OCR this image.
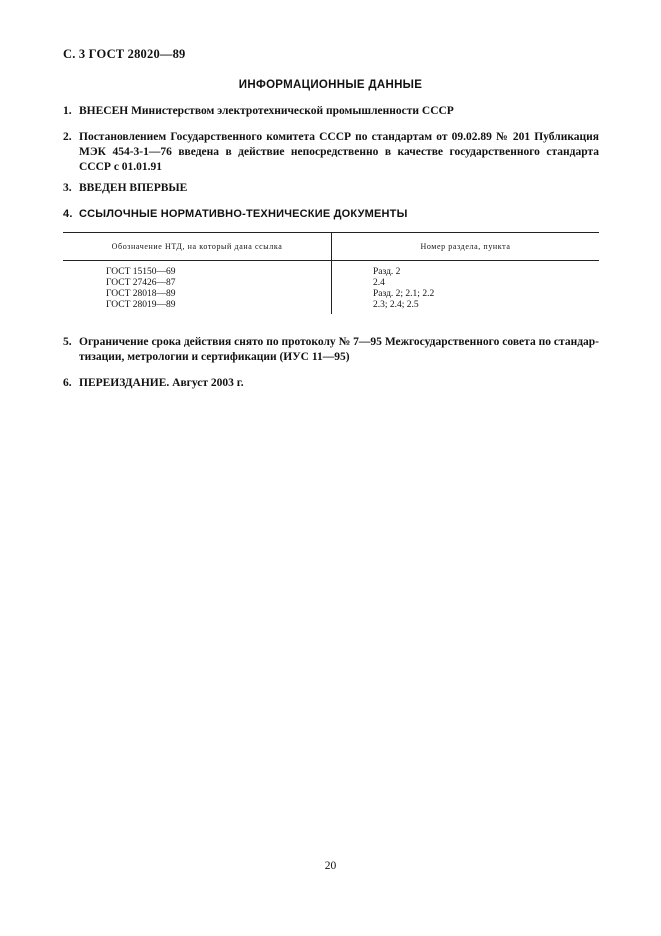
С. 3 ГОСТ 28020—89
ИНФОРМАЦИОННЫЕ ДАННЫЕ
1. ВНЕСЕН Министерством электротехнической промышленности СССР
2. Постановлением Государственного комитета СССР по стандартам от 09.02.89 № 201 Публикация МЭК 454-3-1—76 введена в действие непосредственно в качестве государственного стандарта СССР с 01.01.91
3. ВВЕДЕН ВПЕРВЫЕ
4. ССЫЛОЧНЫЕ НОРМАТИВНО-ТЕХНИЧЕСКИЕ ДОКУМЕНТЫ
Обозначение НТД, на который дана ссылка	Номер раздела, пункта
ГОСТ 15150—69	Разд. 2
ГОСТ 27426—87	2.4
ГОСТ 28018—89	Разд. 2; 2.1; 2.2
ГОСТ 28019—89	2.3; 2.4; 2.5
5. Ограничение срока действия снято по протоколу № 7—95 Межгосударственного совета по стандар-тизации, метрологии и сертификации (ИУС 11—95)
6. ПЕРЕИЗДАНИЕ. Август 2003 г.
20
